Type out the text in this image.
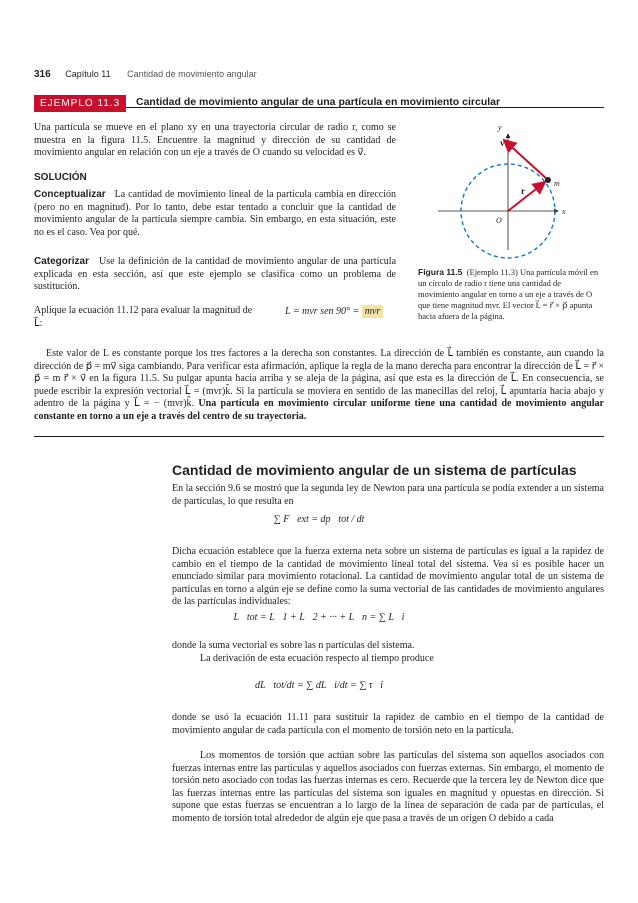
316 Capítulo 11 Cantidad de movimiento angular
EJEMPLO 11.3	Cantidad de movimiento angular de una partícula en movimiento circular
Una partícula se mueve en el plano xy en una trayectoria circular de radio r, como se muestra en la figura 11.5. Encuentre la magnitud y dirección de su cantidad de movimiento angular en relación con un eje a través de O cuando su velocidad es v⃗.
SOLUCIÓN
Conceptualizar La cantidad de movimiento lineal de la partícula cambia en dirección (pero no en magnitud). Por lo tanto, debe estar tentado a concluir que la cantidad de movimiento angular de la partícula siempre cambia. Sin embargo, en esta situación, este no es el caso. Vea por qué.
Categorizar Use la definición de la cantidad de movimiento angular de una partícula explicada en esta sección, así que este ejemplo se clasifica como un problema de sustitución.
Aplique la ecuación 11.12 para evaluar la magnitud de L⃗:
L = mvr sen 90° = mvr
y
x
O
m
v⃗
r⃗
Figura 11.5 (Ejemplo 11.3) Una partícula móvil en un círculo de radio r tiene una cantidad de movimiento angular en torno a un eje a través de O que tiene magnitud mvr. El vector L⃗ = r⃗ × p⃗ apunta hacia afuera de la página.
Este valor de L es constante porque los tres factores a la derecha son constantes. La dirección de L⃗ también es constante, aun cuando la dirección de p⃗ = mv⃗ siga cambiando. Para verificar esta afirmación, aplique la regla de la mano derecha para encontrar la dirección de L⃗ = r⃗ × p⃗ = m r⃗ × v⃗ en la figura 11.5. Su pulgar apunta hacia arriba y se aleja de la página, así que esta es la dirección de L⃗. En consecuencia, se puede escribir la expresión vectorial L⃗ = (mvr)k̂. Si la partícula se moviera en sentido de las manecillas del reloj, L⃗ apuntaría hacia abajo y adentro de la página y L⃗ = − (mvr)k̂. Una partícula en movimiento circular uniforme tiene una cantidad de movimiento angular constante en torno a un eje a través del centro de su trayectoria.
Cantidad de movimiento angular de un sistema de partículas
En la sección 9.6 se mostró que la segunda ley de Newton para una partícula se podía extender a un sistema de partículas, lo que resulta en
∑ F⃗ext = dp⃗tot / dt
Dicha ecuación establece que la fuerza externa neta sobre un sistema de partículas es igual a la rapidez de cambio en el tiempo de la cantidad de movimiento lineal total del sistema. Vea si es posible hacer un enunciado similar para movimiento rotacional. La cantidad de movimiento angular total de un sistema de partículas en torno a algún eje se define como la suma vectorial de las cantidades de movimiento angulares de las partículas individuales:
L⃗tot = L⃗1 + L⃗2 + ··· + L⃗n = ∑ L⃗i
donde la suma vectorial es sobre las n partículas del sistema.
La derivación de esta ecuación respecto al tiempo produce
dL⃗tot/dt = ∑ dL⃗i/dt = ∑ τ⃗i
donde se usó la ecuación 11.11 para sustituir la rapidez de cambio en el tiempo de la cantidad de movimiento angular de cada partícula con el momento de torsión neto en la partícula.
Los momentos de torsión que actúan sobre las partículas del sistema son aquellos asociados con fuerzas internas entre las partículas y aquellos asociados con fuerzas externas. Sin embargo, el momento de torsión neto asociado con todas las fuerzas internas es cero. Recuerde que la tercera ley de Newton dice que las fuerzas internas entre las partículas del sistema son iguales en magnitud y opuestas en dirección. Si supone que estas fuerzas se encuentran a lo largo de la línea de separación de cada par de partículas, el momento de torsión total alrededor de algún eje que pasa a través de un origen O debido a cada
